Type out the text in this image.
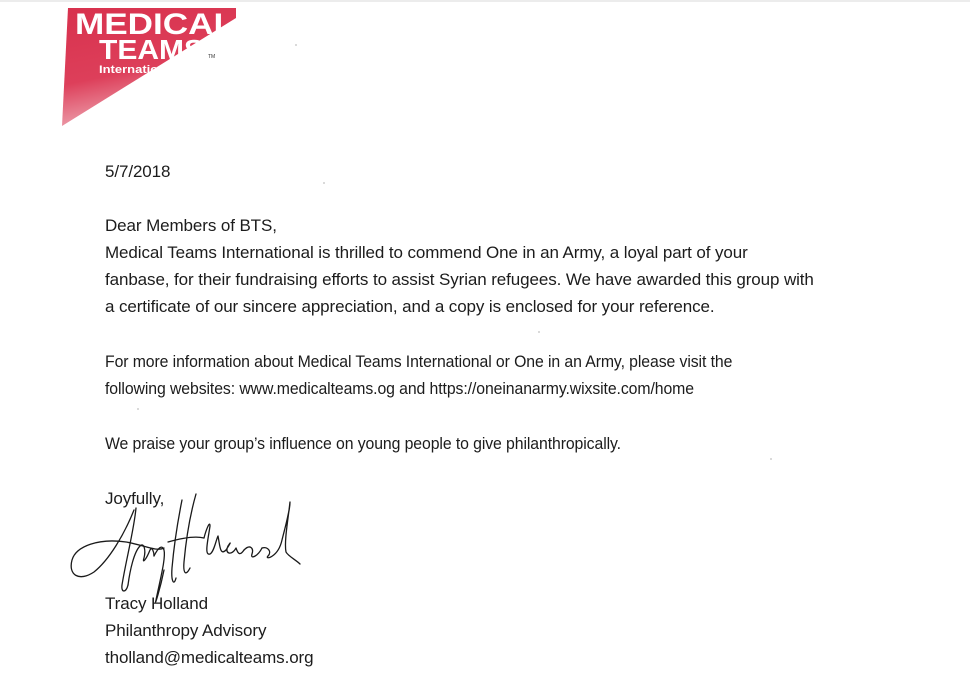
MEDICAL
TEAMS TM
International
5/7/2018
Dear Members of BTS,
Medical Teams International is thrilled to commend One in an Army, a loyal part of your
fanbase, for their fundraising efforts to assist Syrian refugees. We have awarded this group with
a certificate of our sincere appreciation, and a copy is enclosed for your reference.
For more information about Medical Teams International or One in an Army, please visit the
following websites: www.medicalteams.og and https://oneinanarmy.wixsite.com/home
We praise your group’s influence on young people to give philanthropically.
Joyfully,
Tracy Holland
Philanthropy Advisory
tholland@medicalteams.org
